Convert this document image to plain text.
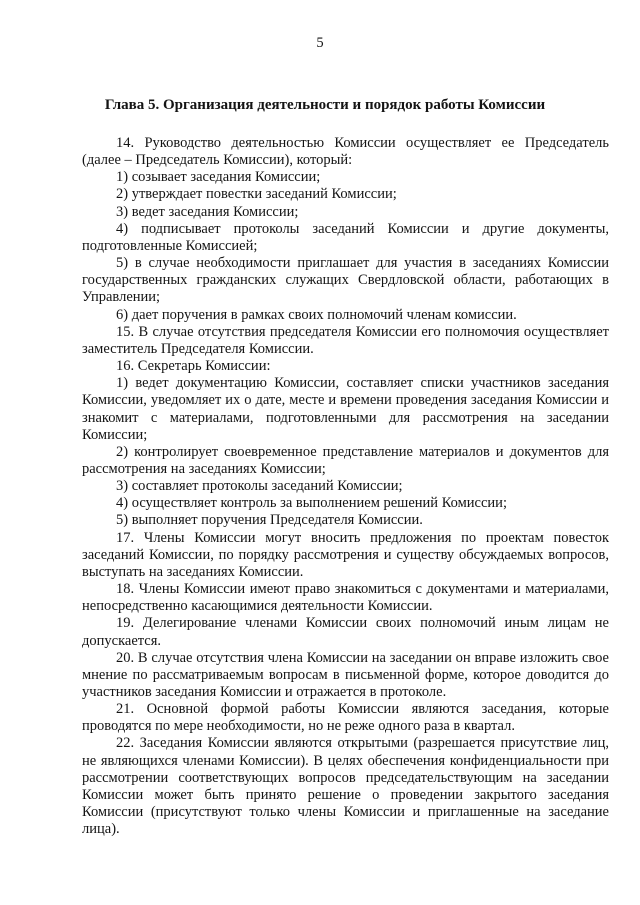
5
Глава 5. Организация деятельности и порядок работы Комиссии

14. Руководство деятельностью Комиссии осуществляет ее Председатель (далее – Председатель Комиссии), который:

1) созывает заседания Комиссии;

2) утверждает повестки заседаний Комиссии;

3) ведет заседания Комиссии;

4) подписывает протоколы заседаний Комиссии и другие документы, подготовленные Комиссией;

5) в случае необходимости приглашает для участия в заседаниях Комиссии государственных гражданских служащих Свердловской области, работающих в Управлении;

6) дает поручения в рамках своих полномочий членам комиссии.

15. В случае отсутствия председателя Комиссии его полномочия осуществляет заместитель Председателя Комиссии.

16. Секретарь Комиссии:

1) ведет документацию Комиссии, составляет списки участников заседания Комиссии, уведомляет их о дате, месте и времени проведения заседания Комиссии и знакомит с материалами, подготовленными для рассмотрения на заседании Комиссии;

2) контролирует своевременное представление материалов и документов для рассмотрения на заседаниях Комиссии;

3) составляет протоколы заседаний Комиссии;

4) осуществляет контроль за выполнением решений Комиссии;

5) выполняет поручения Председателя Комиссии.

17. Члены Комиссии могут вносить предложения по проектам повесток заседаний Комиссии, по порядку рассмотрения и существу обсуждаемых вопросов, выступать на заседаниях Комиссии.

18. Члены Комиссии имеют право знакомиться с документами и материалами, непосредственно касающимися деятельности Комиссии.

19. Делегирование членами Комиссии своих полномочий иным лицам не допускается.

20. В случае отсутствия члена Комиссии на заседании он вправе изложить свое мнение по рассматриваемым вопросам в письменной форме, которое доводится до участников заседания Комиссии и отражается в протоколе.

21. Основной формой работы Комиссии являются заседания, которые проводятся по мере необходимости, но не реже одного раза в квартал.

22. Заседания Комиссии являются открытыми (разрешается присутствие лиц, не являющихся членами Комиссии). В целях обеспечения конфиденциальности при рассмотрении соответствующих вопросов председательствующим на заседании Комиссии может быть принято решение о проведении закрытого заседания Комиссии (присутствуют только члены Комиссии и приглашенные на заседание лица).
